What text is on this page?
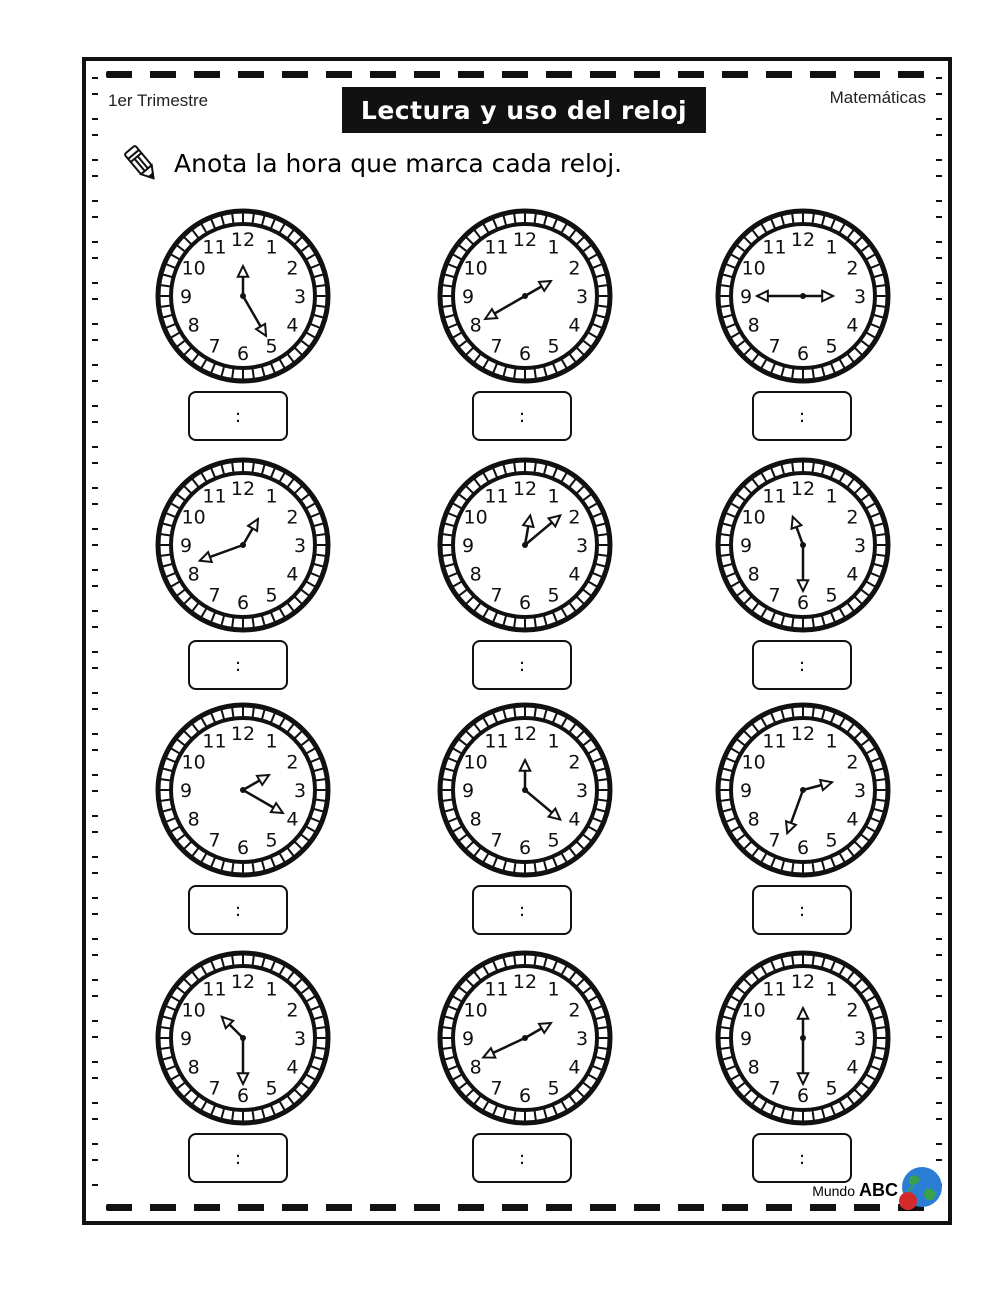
1er Trimestre	Lectura y uso del reloj	Matemáticas
Anota la hora que marca cada reloj.
12 1
2
3
4
5
6
7
8
9
10
11
:
12 1
2
3
4
5
6
7
8
9
10
11
:
12 1
2
3
4
5
6
7
8
9
10
11
:
12 1
2
3
4
5
6
7
8
9
10
11
:
12 1
2
3
4
5
6
7
8
9
10
11
:
12 1
2
3
4
5
6
7
8
9
10
11
:
12 1
2
3
4
5
6
7
8
9
10
11
:
12 1
2
3
4
5
6
7
8
9
10
11
:
12 1
2
3
4
5
6
7
8
9
10
11
:
12 1
2
3
4
5
6
7
8
9
10
11
:
12 1
2
3
4
5
6
7
8
9
10
11
:
12 1
2
3
4
5
6
7
8
9
10
11
:
Mundo ABC
